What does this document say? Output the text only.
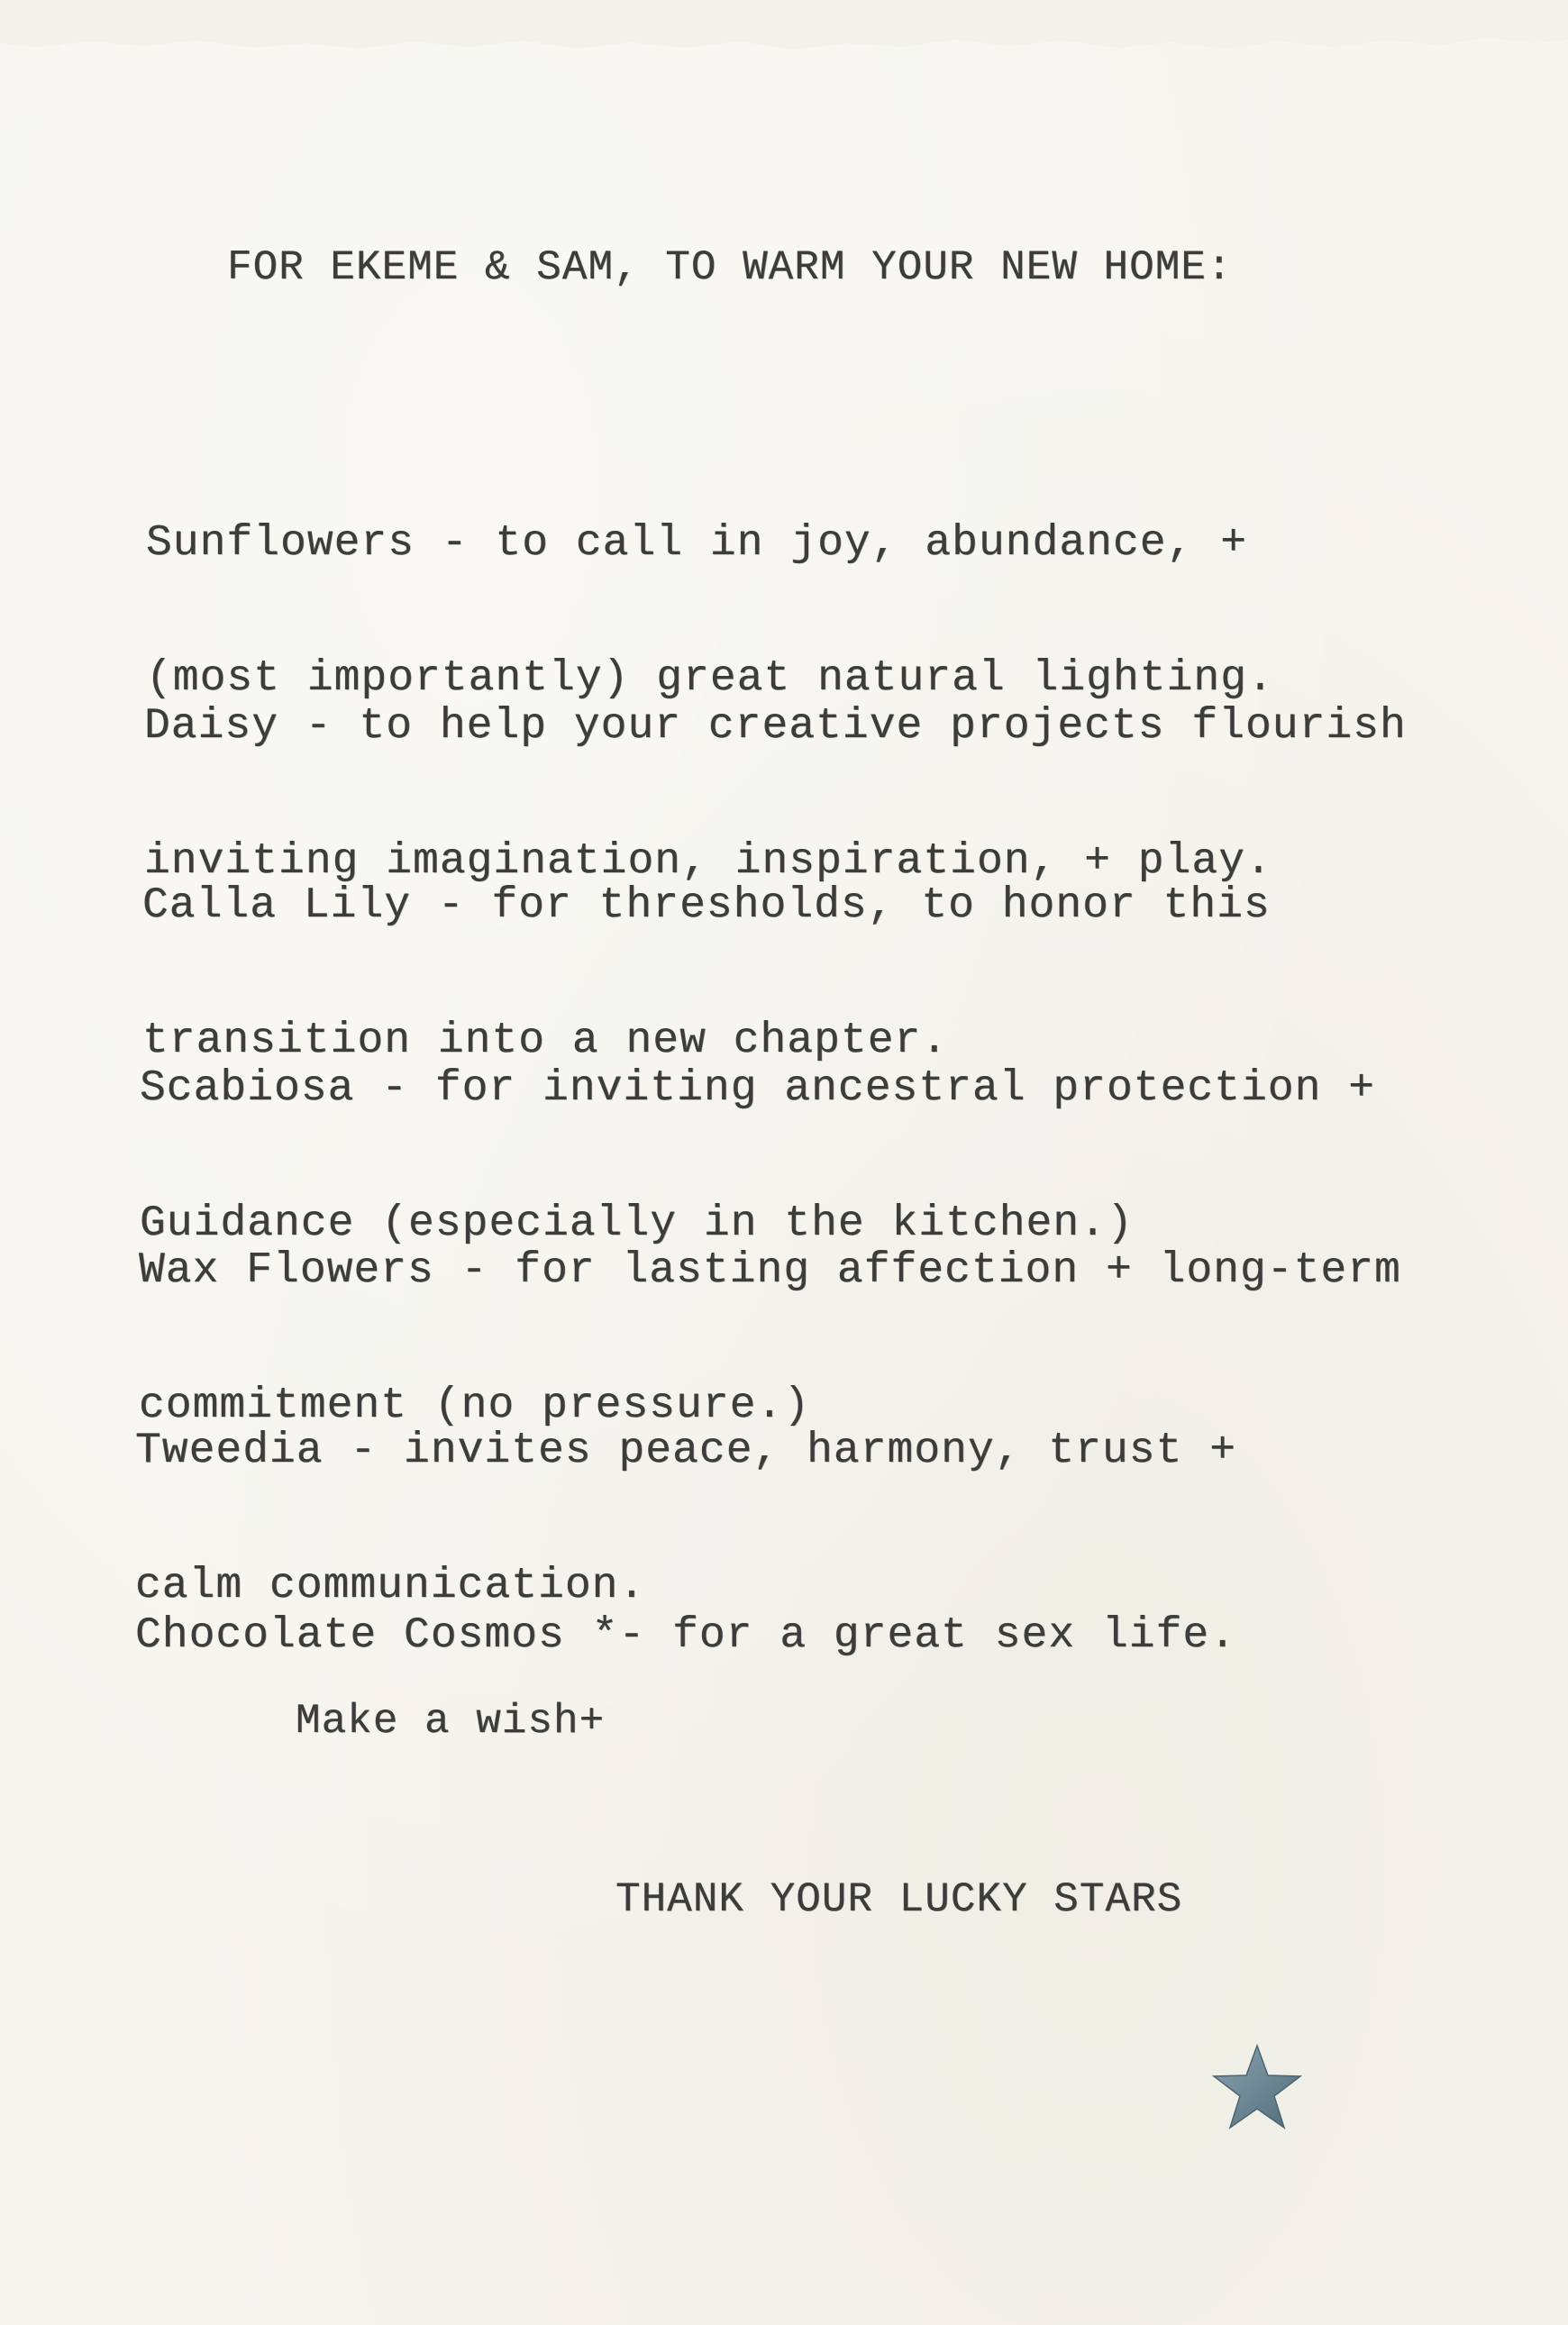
FOR EKEME & SAM, TO WARM YOUR NEW HOME:

Sunflowers - to call in joy, abundance, +

(most importantly) great natural lighting.

Daisy - to help your creative projects flourish

inviting imagination, inspiration, + play.

Calla Lily - for thresholds, to honor this

transition into a new chapter.

Scabiosa - for inviting ancestral protection +

Guidance (especially in the kitchen.)

Wax Flowers - for lasting affection + long-term

commitment (no pressure.)

Tweedia - invites peace, harmony, trust +

calm communication.

Chocolate Cosmos *- for a great sex life.

Make a wish+
THANK YOUR LUCKY STARS
